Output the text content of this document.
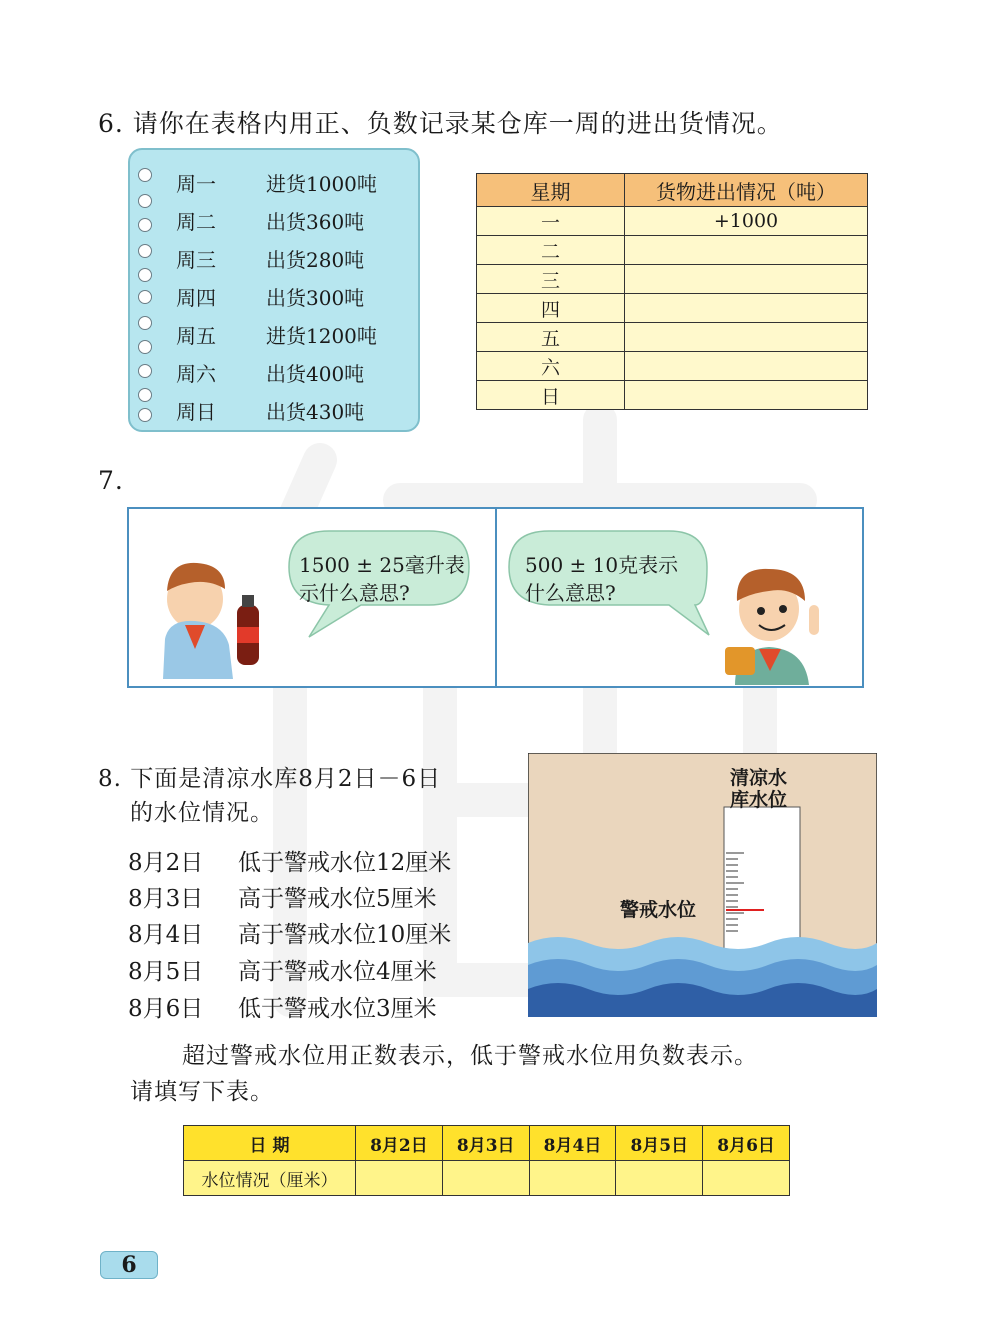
6. 请你在表格内用正、负数记录某仓库一周的进出货情况。
周一	进货1000吨
周二	出货360吨
周三	出货280吨
周四	出货300吨
周五	进货1200吨
周六	出货400吨
周日	出货430吨
星期	货物进出情况（吨）
一	+1000
二	
三	
四	
五	
六	
日	
7.
1500 ± 25毫升表
示什么意思?
500 ± 10克表示
什么意思?
8. 下面是清凉水库8月2日－6日
的水位情况。
8月2日 低于警戒水位12厘米
8月3日 高于警戒水位5厘米
8月4日 高于警戒水位10厘米
8月5日 高于警戒水位4厘米
8月6日 低于警戒水位3厘米
清凉水
库水位
警戒水位
超过警戒水位用正数表示，低于警戒水位用负数表示。
请填写下表。
日 期	8月2日	8月3日	8月4日	8月5日	8月6日
水位情况（厘米）					
6
